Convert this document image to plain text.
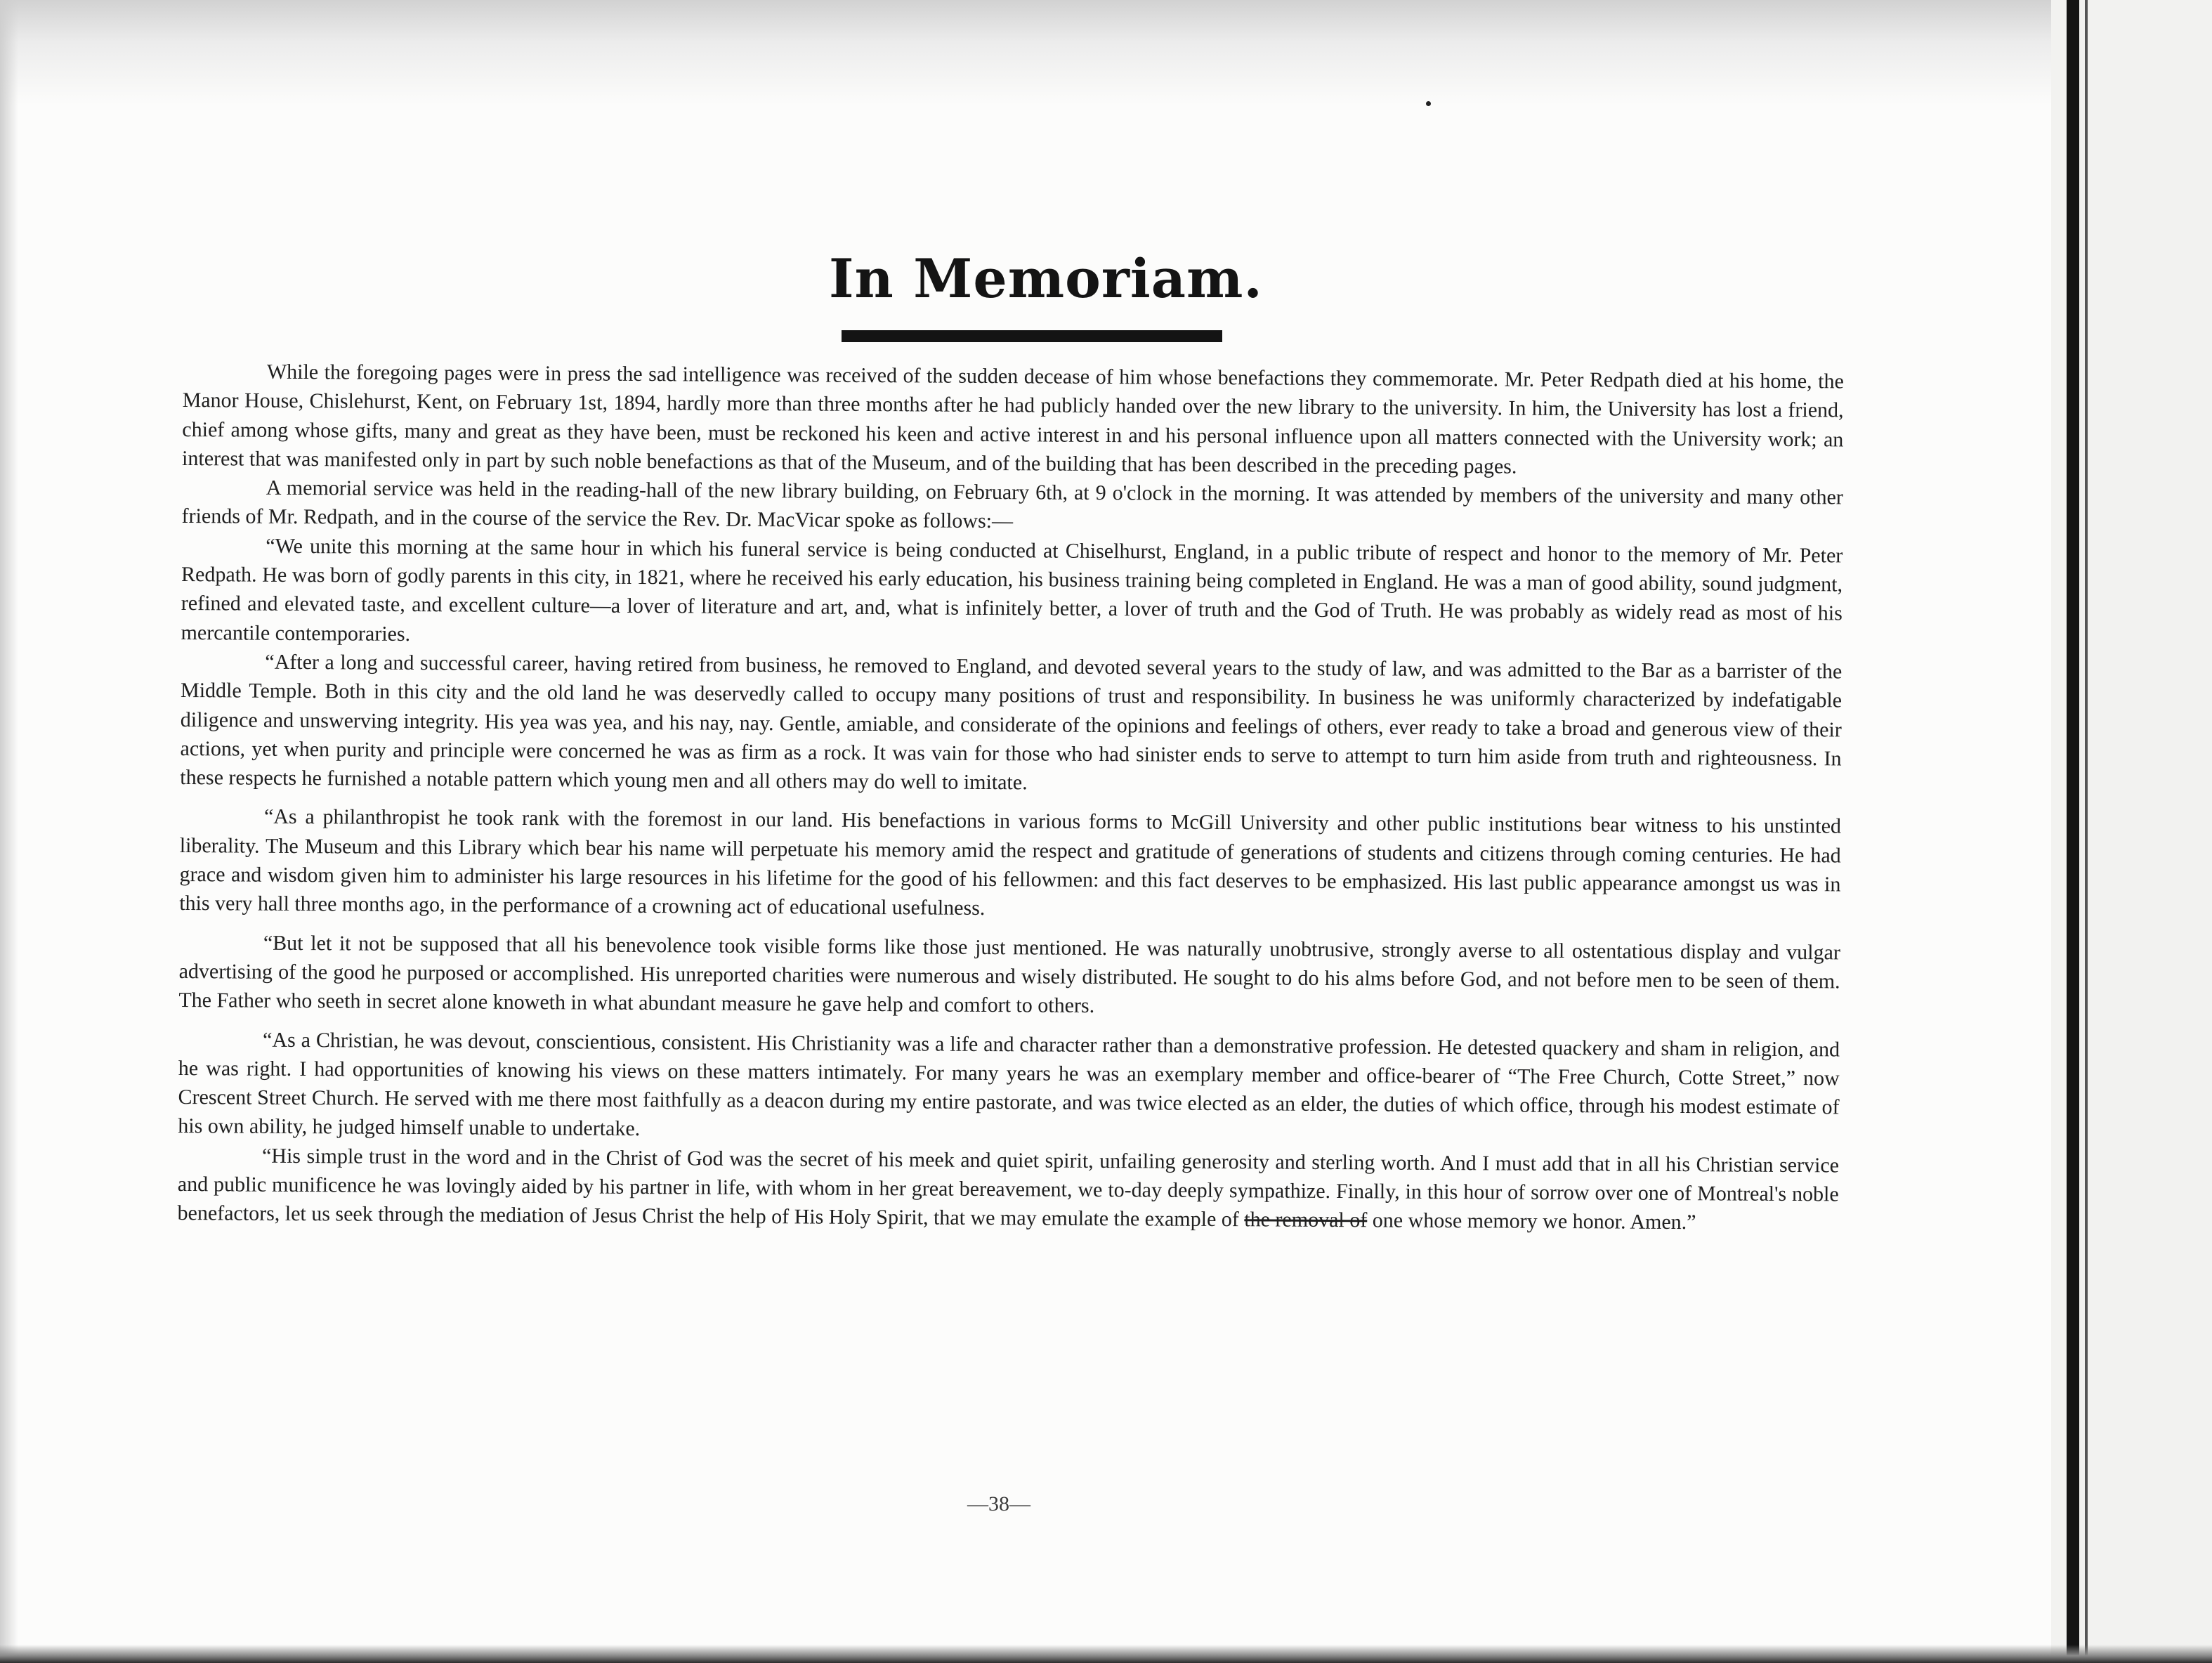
In Memoriam.

While the foregoing pages were in press the sad intelligence was received of the sudden decease of him whose benefactions they commemorate. Mr. Peter Redpath died at his home, the Manor House, Chislehurst, Kent, on February 1st, 1894, hardly more than three months after he had publicly handed over the new library to the university. In him, the University has lost a friend, chief among whose gifts, many and great as they have been, must be reckoned his keen and active interest in and his personal influence upon all matters connected with the University work; an interest that was manifested only in part by such noble benefactions as that of the Museum, and of the building that has been described in the preceding pages.

A memorial service was held in the reading-hall of the new library building, on February 6th, at 9 o'clock in the morning. It was attended by members of the university and many other friends of Mr. Redpath, and in the course of the service the Rev. Dr. MacVicar spoke as follows:—

“We unite this morning at the same hour in which his funeral service is being conducted at Chiselhurst, England, in a public tribute of respect and honor to the memory of Mr. Peter Redpath. He was born of godly parents in this city, in 1821, where he received his early education, his business training being completed in England. He was a man of good ability, sound judgment, refined and elevated taste, and excellent culture—a lover of literature and art, and, what is infinitely better, a lover of truth and the God of Truth. He was probably as widely read as most of his mercantile contemporaries.

“After a long and successful career, having retired from business, he removed to England, and devoted several years to the study of law, and was admitted to the Bar as a barrister of the Middle Temple. Both in this city and the old land he was deservedly called to occupy many positions of trust and responsibility. In business he was uniformly characterized by indefatigable diligence and unswerving integrity. His yea was yea, and his nay, nay. Gentle, amiable, and considerate of the opinions and feelings of others, ever ready to take a broad and generous view of their actions, yet when purity and principle were concerned he was as firm as a rock. It was vain for those who had sinister ends to serve to attempt to turn him aside from truth and righteousness. In these respects he furnished a notable pattern which young men and all others may do well to imitate.

“As a philanthropist he took rank with the foremost in our land. His benefactions in various forms to McGill University and other public institutions bear witness to his unstinted liberality. The Museum and this Library which bear his name will perpetuate his memory amid the respect and gratitude of generations of students and citizens through coming centuries. He had grace and wisdom given him to administer his large resources in his lifetime for the good of his fellowmen: and this fact deserves to be emphasized. His last public appearance amongst us was in this very hall three months ago, in the performance of a crowning act of educational usefulness.

“But let it not be supposed that all his benevolence took visible forms like those just mentioned. He was naturally unobtrusive, strongly averse to all ostentatious display and vulgar advertising of the good he purposed or accomplished. His unreported charities were numerous and wisely distributed. He sought to do his alms before God, and not before men to be seen of them. The Father who seeth in secret alone knoweth in what abundant measure he gave help and comfort to others.

“As a Christian, he was devout, conscientious, consistent. His Christianity was a life and character rather than a demonstrative profession. He detested quackery and sham in religion, and he was right. I had opportunities of knowing his views on these matters intimately. For many years he was an exemplary member and office-bearer of “The Free Church, Cotte Street,” now Crescent Street Church. He served with me there most faithfully as a deacon during my entire pastorate, and was twice elected as an elder, the duties of which office, through his modest estimate of his own ability, he judged himself unable to undertake.

“His simple trust in the word and in the Christ of God was the secret of his meek and quiet spirit, unfailing generosity and sterling worth. And I must add that in all his Christian service and public munificence he was lovingly aided by his partner in life, with whom in her great bereavement, we to-day deeply sympathize. Finally, in this hour of sorrow over one of Montreal's noble benefactors, let us seek through the mediation of Jesus Christ the help of His Holy Spirit, that we may emulate the example of the removal of one whose memory we honor. Amen.”

—38—
